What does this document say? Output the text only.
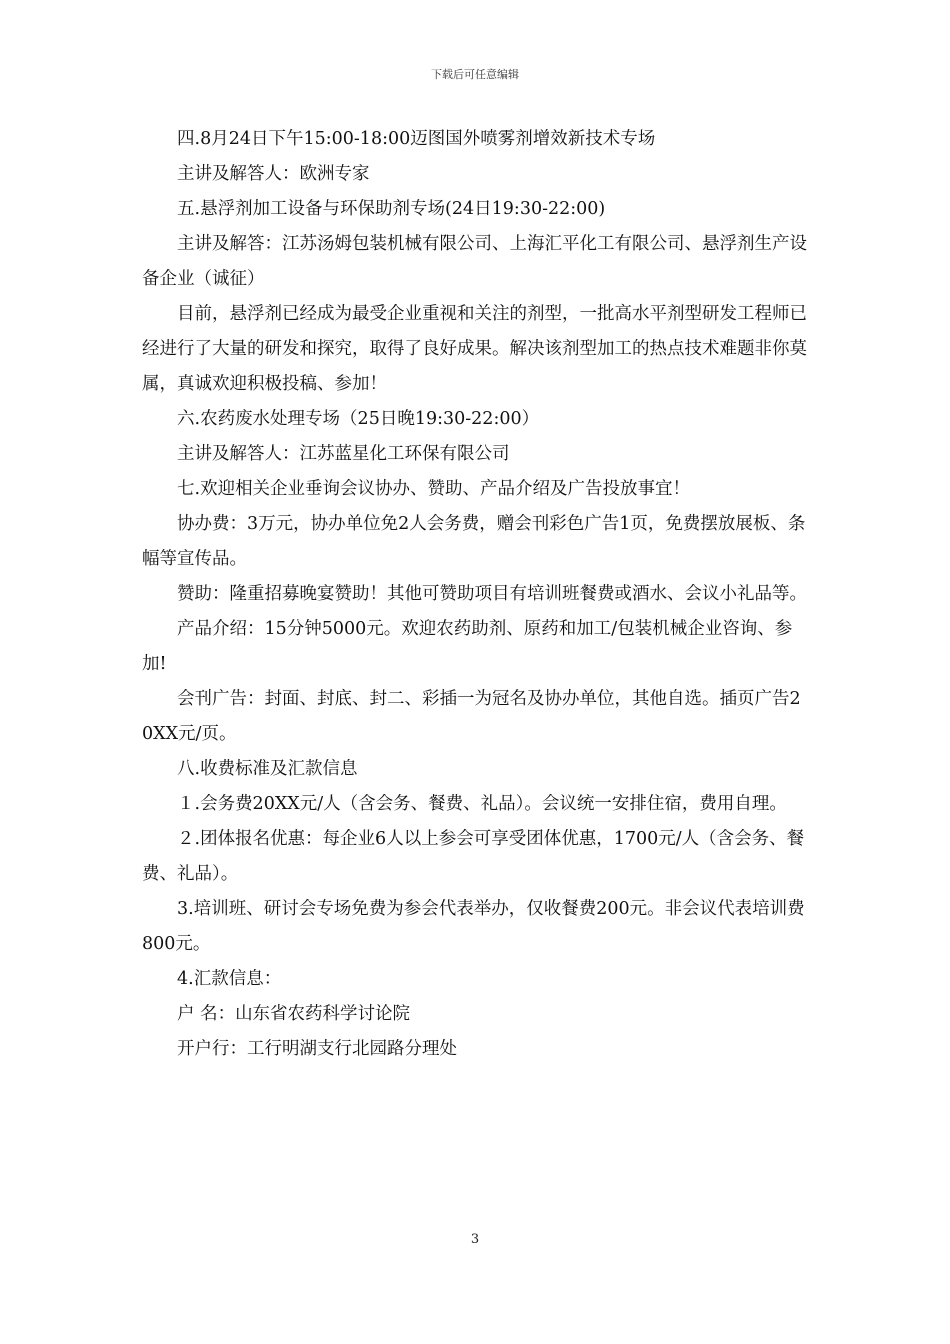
下载后可任意编辑

四.8月24日下午15:00-18:00迈图国外喷雾剂增效新技术专场

主讲及解答人：欧洲专家

五.悬浮剂加工设备与环保助剂专场(24日19:30-22:00)

主讲及解答：江苏汤姆包装机械有限公司、上海汇平化工有限公司、悬浮剂生产设备企业（诚征）

目前，悬浮剂已经成为最受企业重视和关注的剂型，一批高水平剂型研发工程师已经进行了大量的研发和探究，取得了良好成果。解决该剂型加工的热点技术难题非你莫属，真诚欢迎积极投稿、参加！

六.农药废水处理专场（25日晚19:30-22:00）

主讲及解答人：江苏蓝星化工环保有限公司

七.欢迎相关企业垂询会议协办、赞助、产品介绍及广告投放事宜！

协办费：3万元，协办单位免2人会务费，赠会刊彩色广告1页，免费摆放展板、条幅等宣传品。

赞助：隆重招募晚宴赞助！其他可赞助项目有培训班餐费或酒水、会议小礼品等。

产品介绍：15分钟5000元。欢迎农药助剂、原药和加工/包装机械企业咨询、参加!

会刊广告：封面、封底、封二、彩插一为冠名及协办单位，其他自选。插页广告20XX元/页。

八.收费标准及汇款信息

１.会务费20XX元/人（含会务、餐费、礼品）。会议统一安排住宿，费用自理。

２.团体报名优惠：每企业6人以上参会可享受团体优惠，1700元/人（含会务、餐费、礼品）。

3.培训班、研讨会专场免费为参会代表举办，仅收餐费200元。非会议代表培训费800元。

4.汇款信息：

户 名：山东省农药科学讨论院

开户行：工行明湖支行北园路分理处

3
